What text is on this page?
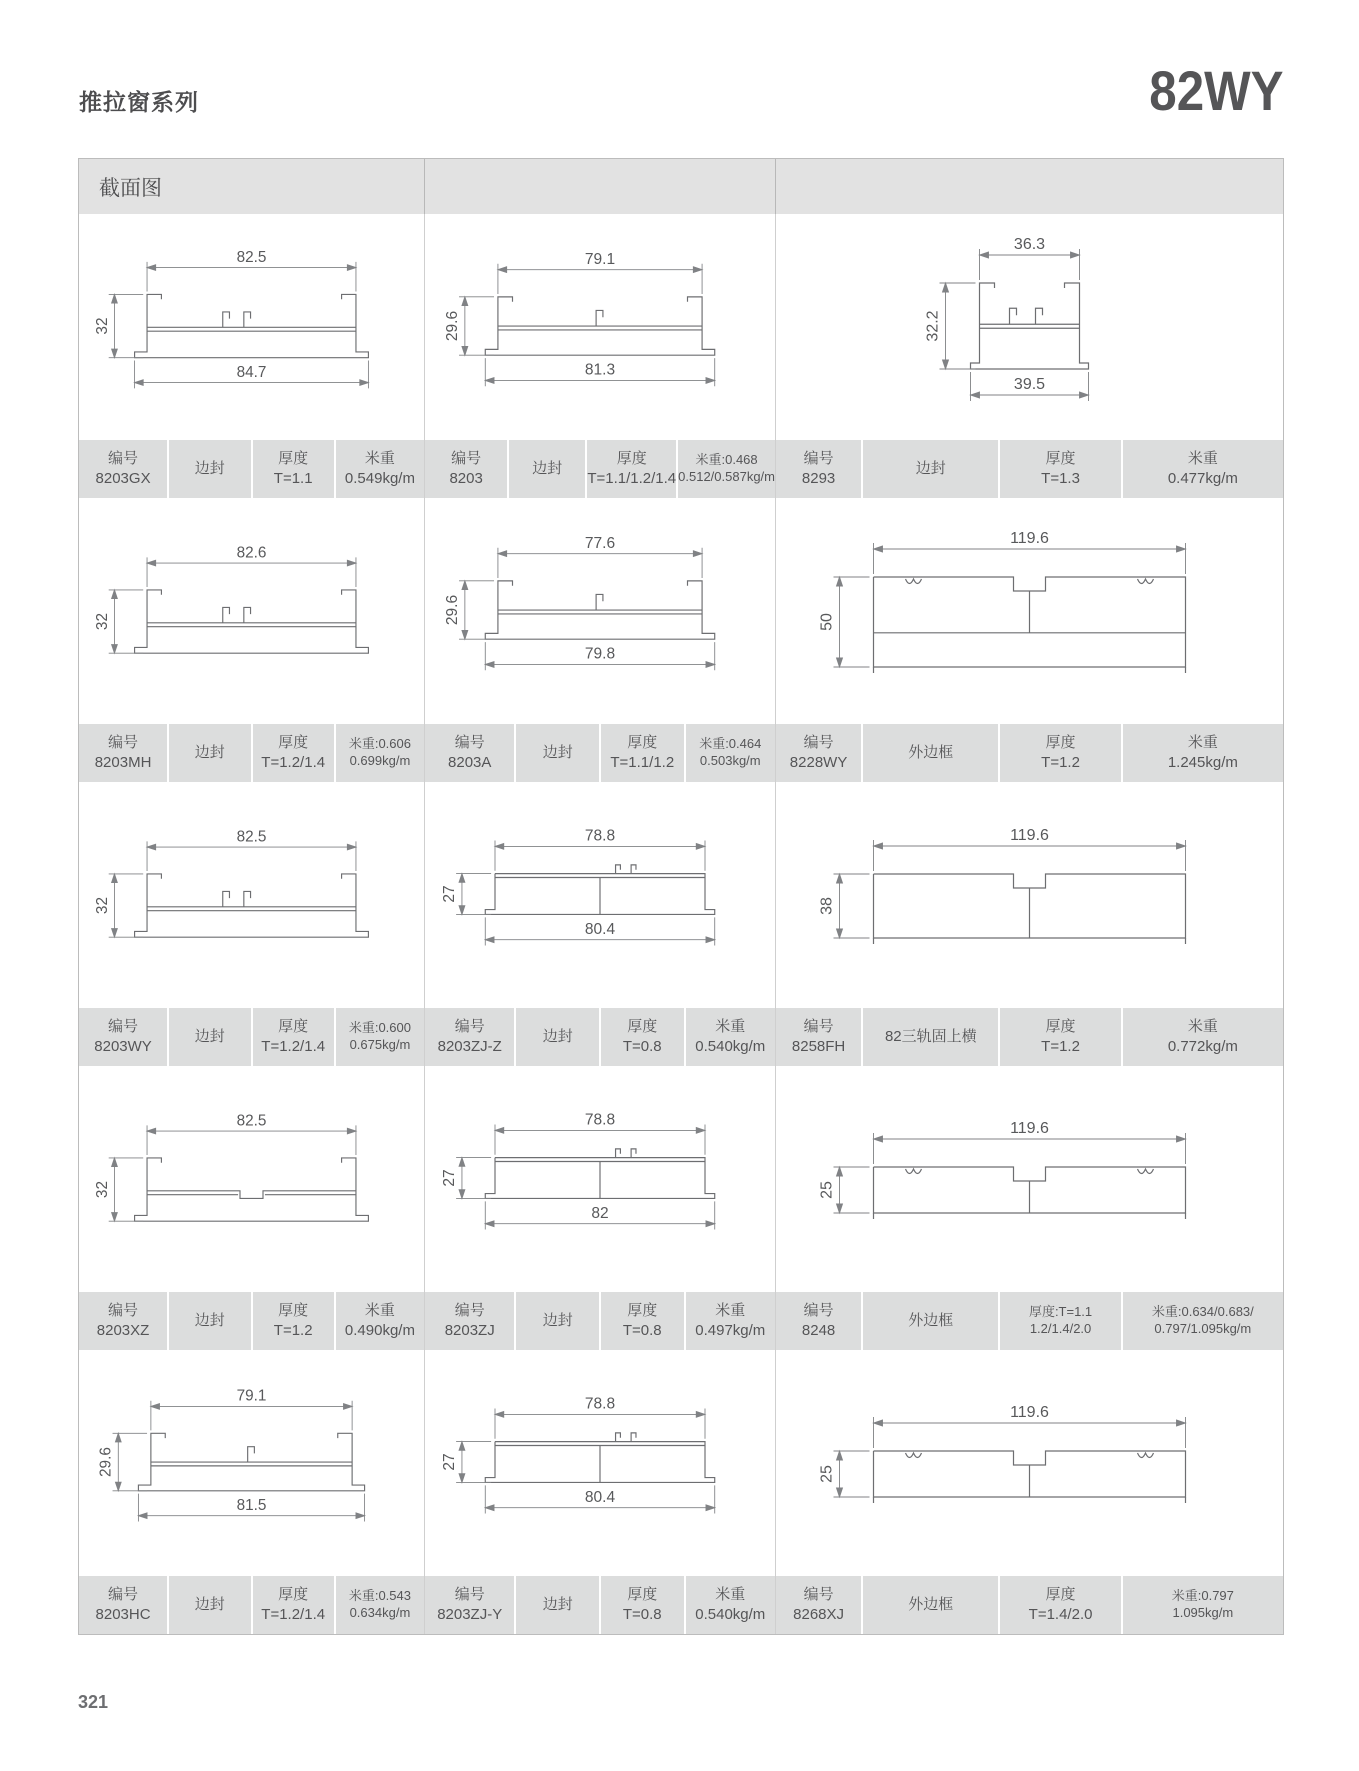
推拉窗系列	82WY
截面图
82.5
32
84.7
编号
8203GX
边封
厚度
T=1.1
米重
0.549kg/m
79.1
29.6
81.3
编号
8203
边封
厚度
T=1.1/1.2/1.4
米重:0.468
0.512/0.587kg/m
36.3
32.2
39.5
编号
8293
边封
厚度
T=1.3
米重
0.477kg/m
82.6
32
编号
8203MH
边封
厚度
T=1.2/1.4
米重:0.606
0.699kg/m
77.6
29.6
79.8
编号
8203A
边封
厚度
T=1.1/1.2
米重:0.464
0.503kg/m
119.6
50
编号
8228WY
外边框
厚度
T=1.2
米重
1.245kg/m
82.5
32
编号
8203WY
边封
厚度
T=1.2/1.4
米重:0.600
0.675kg/m
78.8
27
80.4
编号
8203ZJ-Z
边封
厚度
T=0.8
米重
0.540kg/m
119.6
38
编号
8258FH
82三轨固上横
厚度
T=1.2
米重
0.772kg/m
82.5
32
编号
8203XZ
边封
厚度
T=1.2
米重
0.490kg/m
78.8
27
82
编号
8203ZJ
边封
厚度
T=0.8
米重
0.497kg/m
119.6
25
编号
8248
外边框
厚度:T=1.1
1.2/1.4/2.0
米重:0.634/0.683/
0.797/1.095kg/m
79.1
29.6
81.5
编号
8203HC
边封
厚度
T=1.2/1.4
米重:0.543
0.634kg/m
78.8
27
80.4
编号
8203ZJ-Y
边封
厚度
T=0.8
米重
0.540kg/m
119.6
25
编号
8268XJ
外边框
厚度
T=1.4/2.0
米重:0.797
1.095kg/m
321
